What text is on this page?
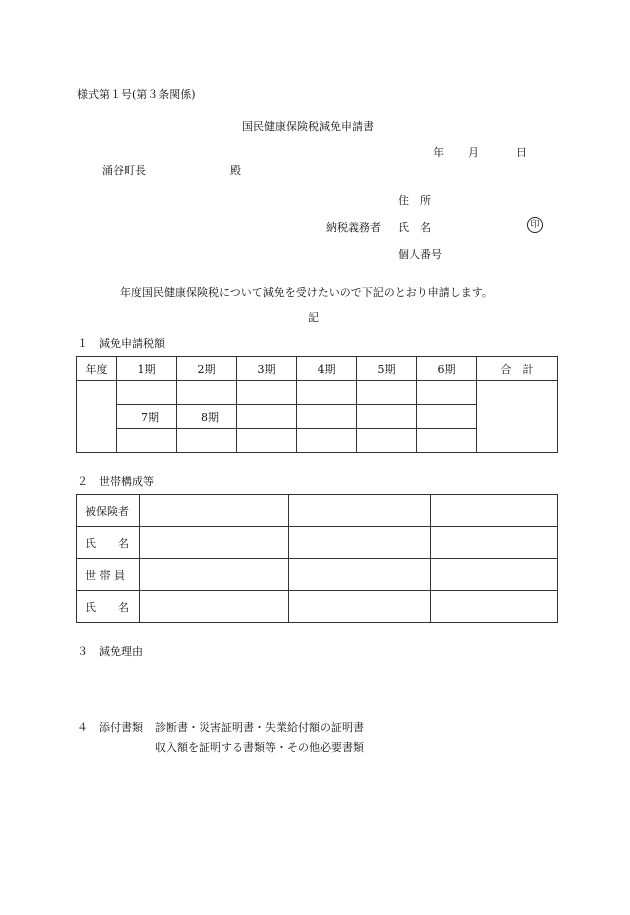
様式第１号(第３条関係)
国民健康保険税減免申請書
年 月	日
涌谷町長	殿
住　所
納税義務者 氏　名	印
個人番号
年度国民健康保険税について減免を受けたいので下記のとおり申請します。
記
１　減免申請税額
年度	1期	2期	3期	4期	5期	6期	合　計

	7期	8期					

２　世帯構成等
被保険者			
氏　　名			
世 帯 員			
氏　　名			
３　減免理由
４　添付書類 診断書・災害証明書・失業給付額の証明書
収入額を証明する書類等・その他必要書類
